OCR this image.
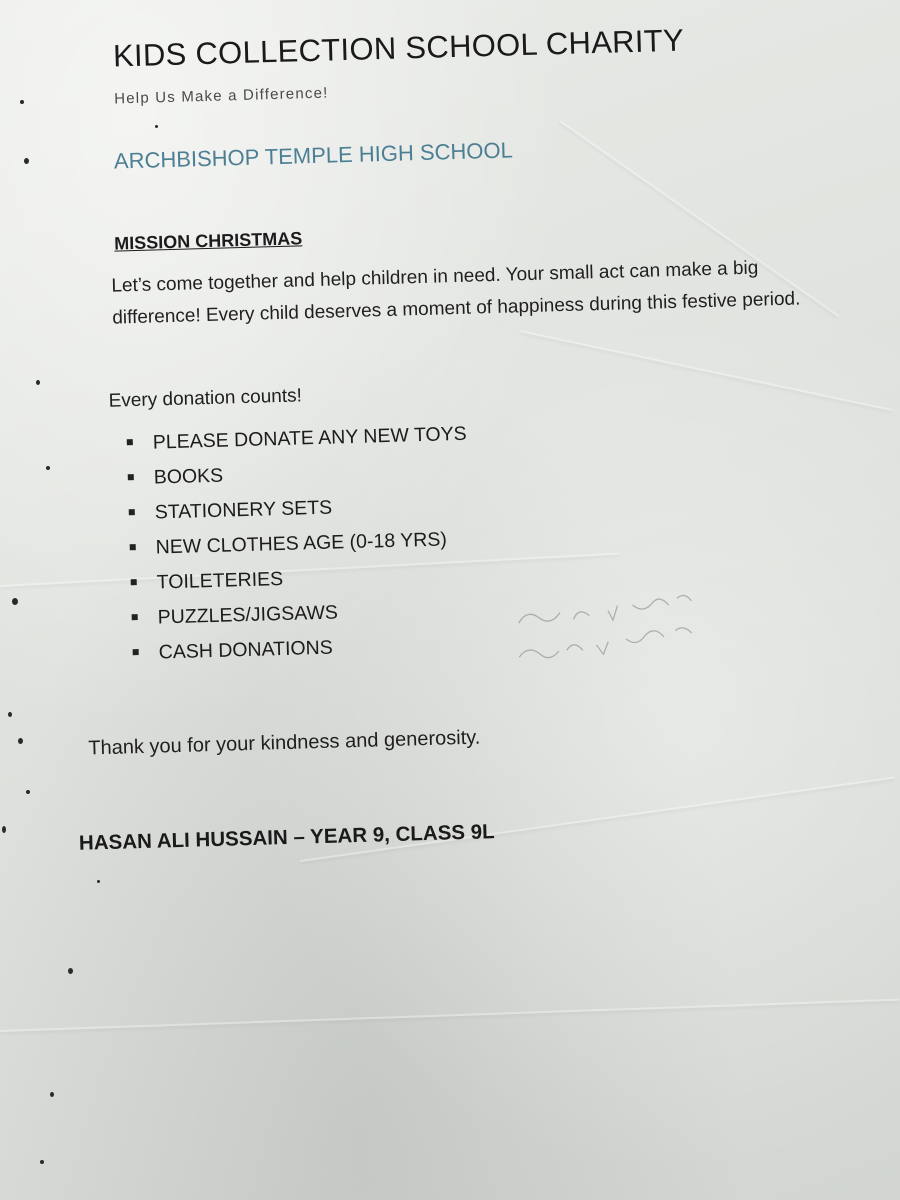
KIDS COLLECTION SCHOOL CHARITY
Help Us Make a Difference!
ARCHBISHOP TEMPLE HIGH SCHOOL
MISSION CHRISTMAS

Let’s come together and help children in need. Your small act can make a big difference! Every child deserves a moment of happiness during this festive period.

Every donation counts!
PLEASE DONATE ANY NEW TOYS
BOOKS
STATIONERY SETS
NEW CLOTHES AGE (0-18 YRS)
TOILETERIES
PUZZLES/JIGSAWS
CASH DONATIONS
Thank you for your kindness and generosity.
HASAN ALI HUSSAIN – YEAR 9, CLASS 9L
